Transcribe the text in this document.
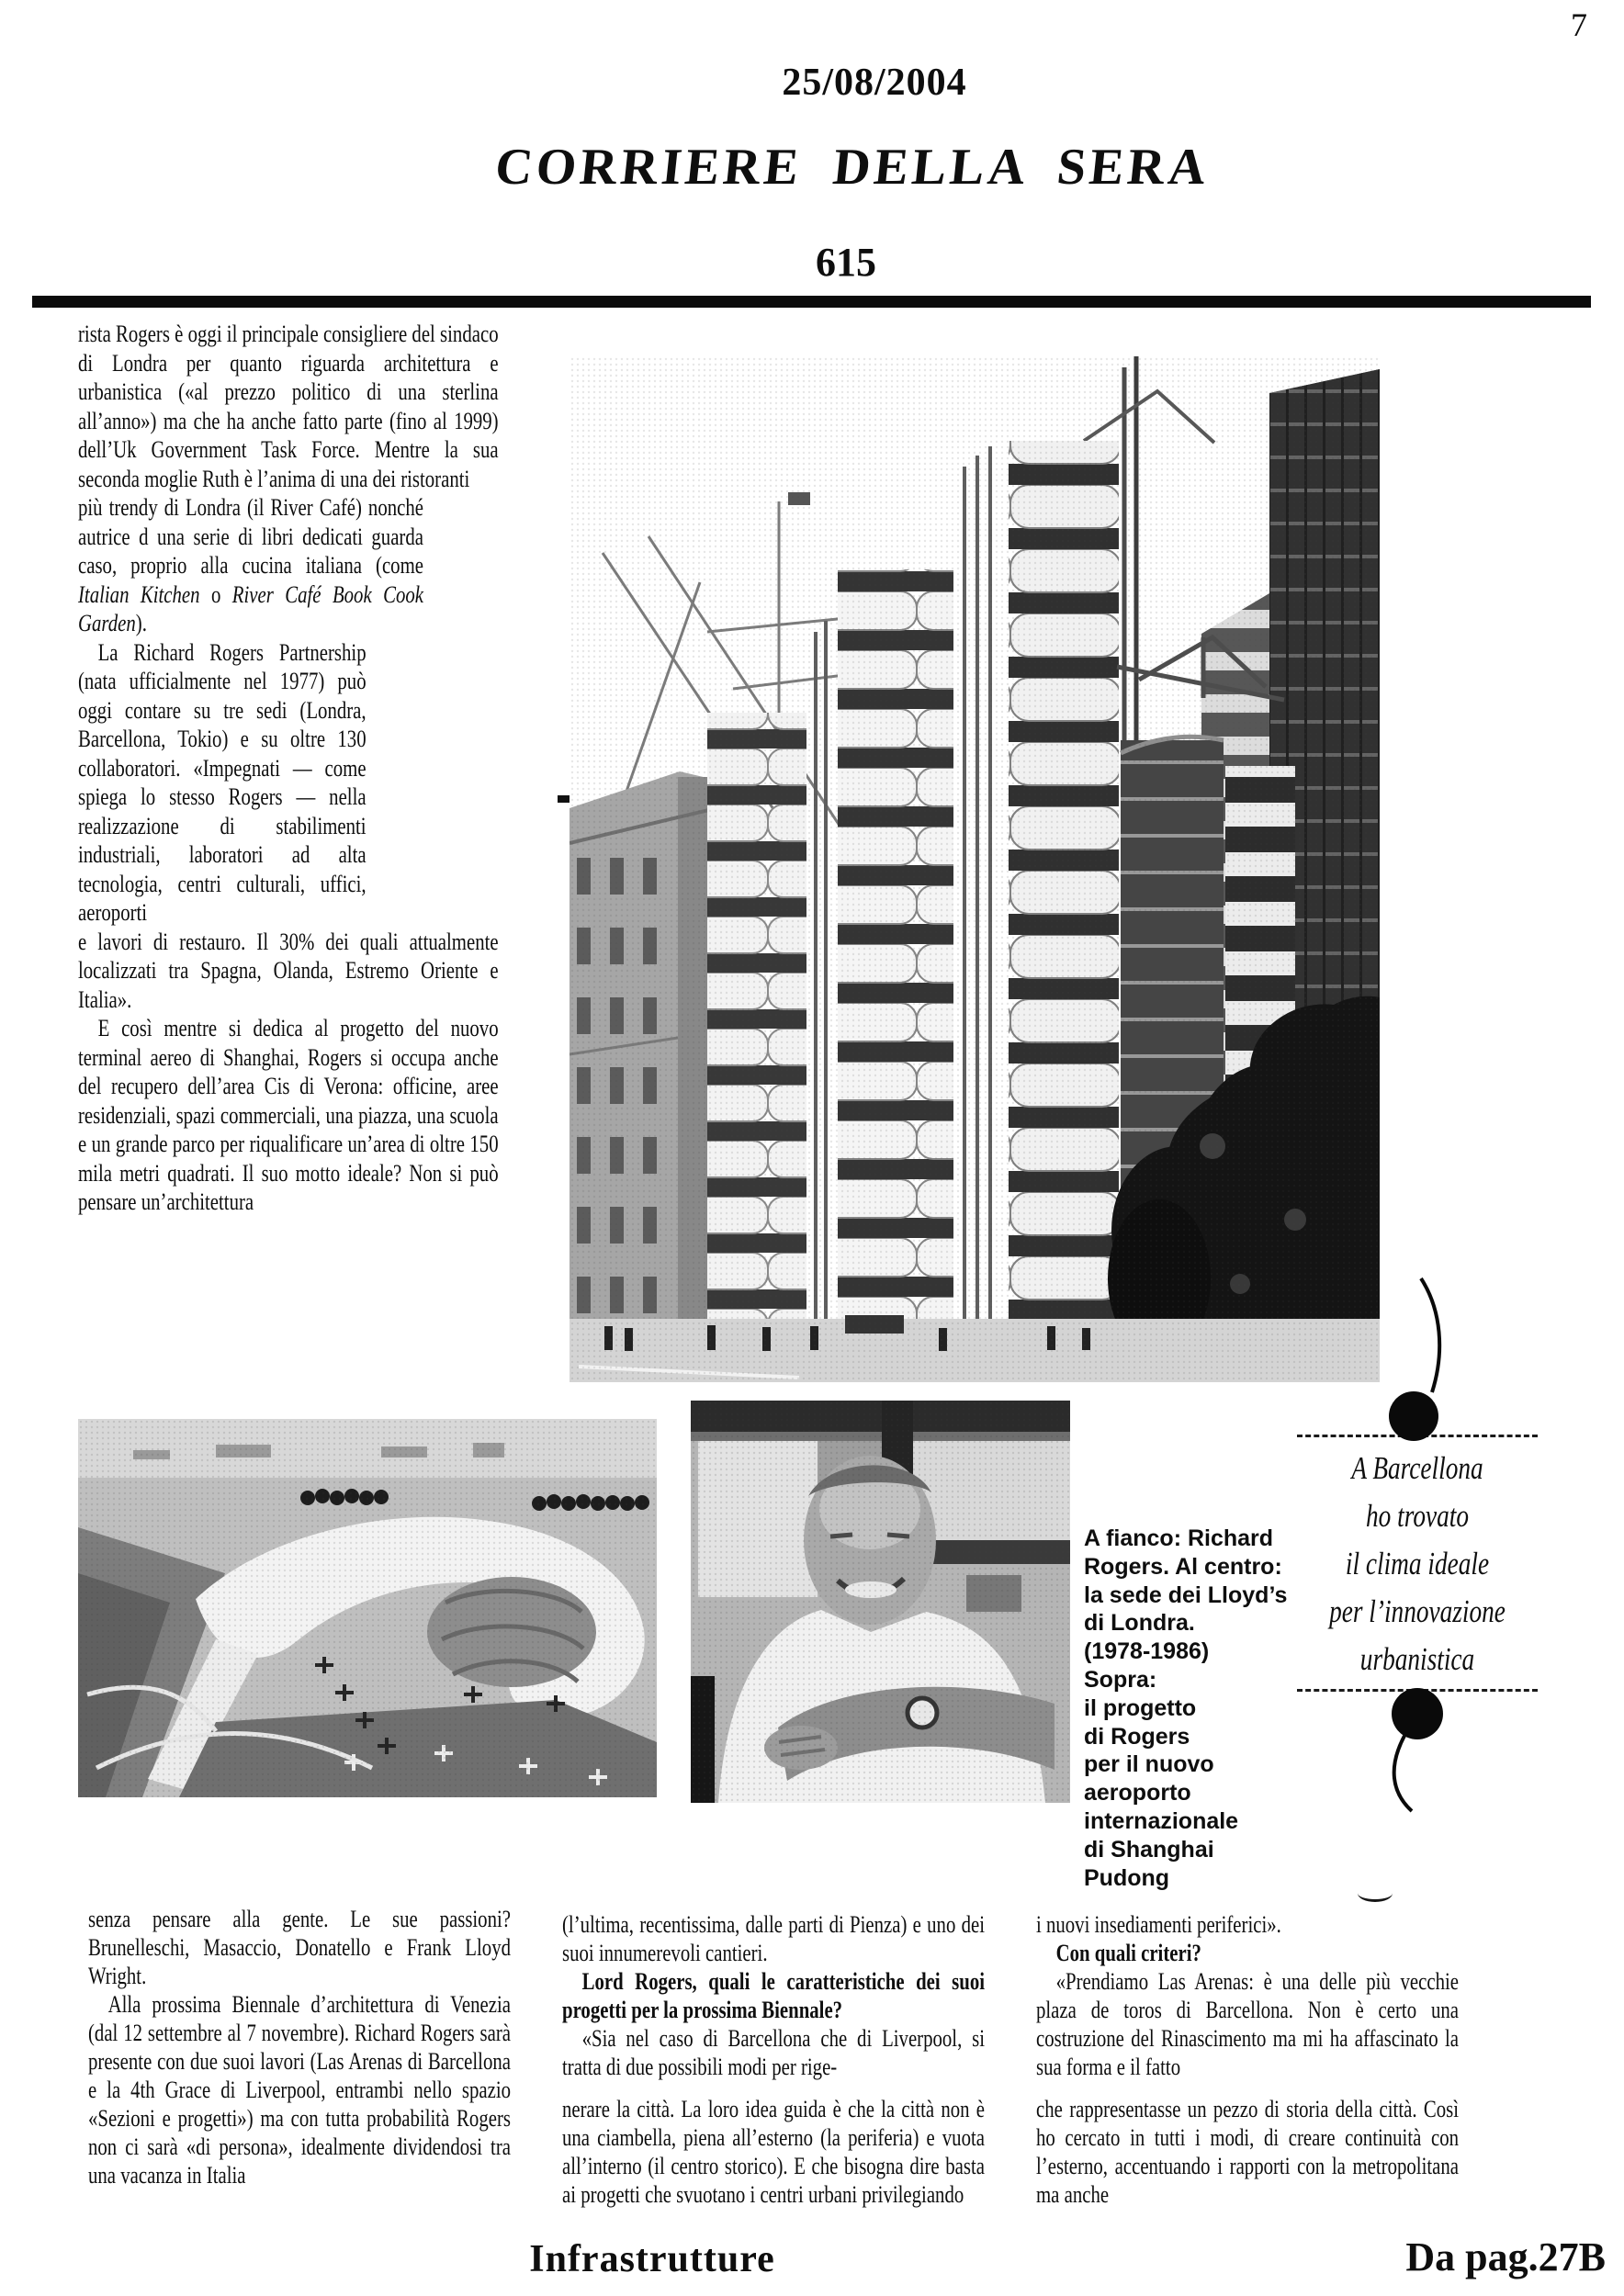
7
25/08/2004
CORRIERE DELLA SERA
615

rista Rogers è oggi il principale consigliere del sindaco di Londra per quanto riguarda architettura e urbanistica («al prezzo politico di una sterlina all’anno») ma che ha anche fatto parte (fino al 1999) dell’Uk Government Task Force. Mentre la sua seconda moglie Ruth è l’anima di una dei ristoranti

più trendy di Londra (il River Café) nonché autrice d una serie di libri dedicati guarda caso, proprio alla cucina italiana (come Italian Kitchen o River Café Book Cook Garden).

La Richard Rogers Partnership (nata ufficialmente nel 1977) può oggi contare su tre sedi (Londra, Barcellona, Tokio) e su oltre 130 collaboratori. «Impegnati — come spiega lo stesso Rogers — nella realizzazione di stabilimenti industriali, laboratori ad alta tecnologia, centri culturali, uffici, aeroporti

e lavori di restauro. Il 30% dei quali attualmente localizzati tra Spagna, Olanda, Estremo Oriente e Italia».

E così mentre si dedica al progetto del nuovo terminal aereo di Shanghai, Rogers si occupa anche del recupero dell’area Cis di Verona: officine, aree residenziali, spazi commerciali, una piazza, una scuola e un grande parco per riqualificare un’area di oltre 150 mila metri quadrati. Il suo motto ideale? Non si può pensare un’architettura

A fianco: Richard
Rogers. Al centro:
la sede dei Lloyd’s
di Londra.
(1978-1986)
Sopra:
il progetto
di Rogers
per il nuovo
aeroporto
internazionale
di Shanghai
Pudong
A Barcellona
ho trovato
il clima ideale
per l’innovazione
urbanistica

senza pensare alla gente. Le sue passioni? Brunelleschi, Masaccio, Donatello e Frank Lloyd Wright.

Alla prossima Biennale d’architettura di Venezia (dal 12 settembre al 7 novembre). Richard Rogers sarà presente con due suoi lavori (Las Arenas di Barcellona e la 4th Grace di Liverpool, entrambi nello spazio «Sezioni e progetti») ma con tutta probabilità Rogers non ci sarà «di persona», idealmente dividendosi tra una vacanza in Italia

(l’ultima, recentissima, dalle parti di Pienza) e uno dei suoi innumerevoli cantieri.

Lord Rogers, quali le caratteristiche dei suoi progetti per la prossima Biennale?

«Sia nel caso di Barcellona che di Liverpool, si tratta di due possibili modi per rige-

nerare la città. La loro idea guida è che la città non è una ciambella, piena all’esterno (la periferia) e vuota all’interno (il centro storico). E che bisogna dire basta ai progetti che svuotano i centri urbani privilegiando

i nuovi insediamenti periferici».

Con quali criteri?

«Prendiamo Las Arenas: è una delle più vecchie plaza de toros di Barcellona. Non è certo una costruzione del Rinascimento ma mi ha affascinato la sua forma e il fatto

che rappresentasse un pezzo di storia della città. Così ho cercato in tutti i modi, di creare continuità con l’esterno, accentuando i rapporti con la metropolitana ma anche

Infrastrutture	Da pag.27B
